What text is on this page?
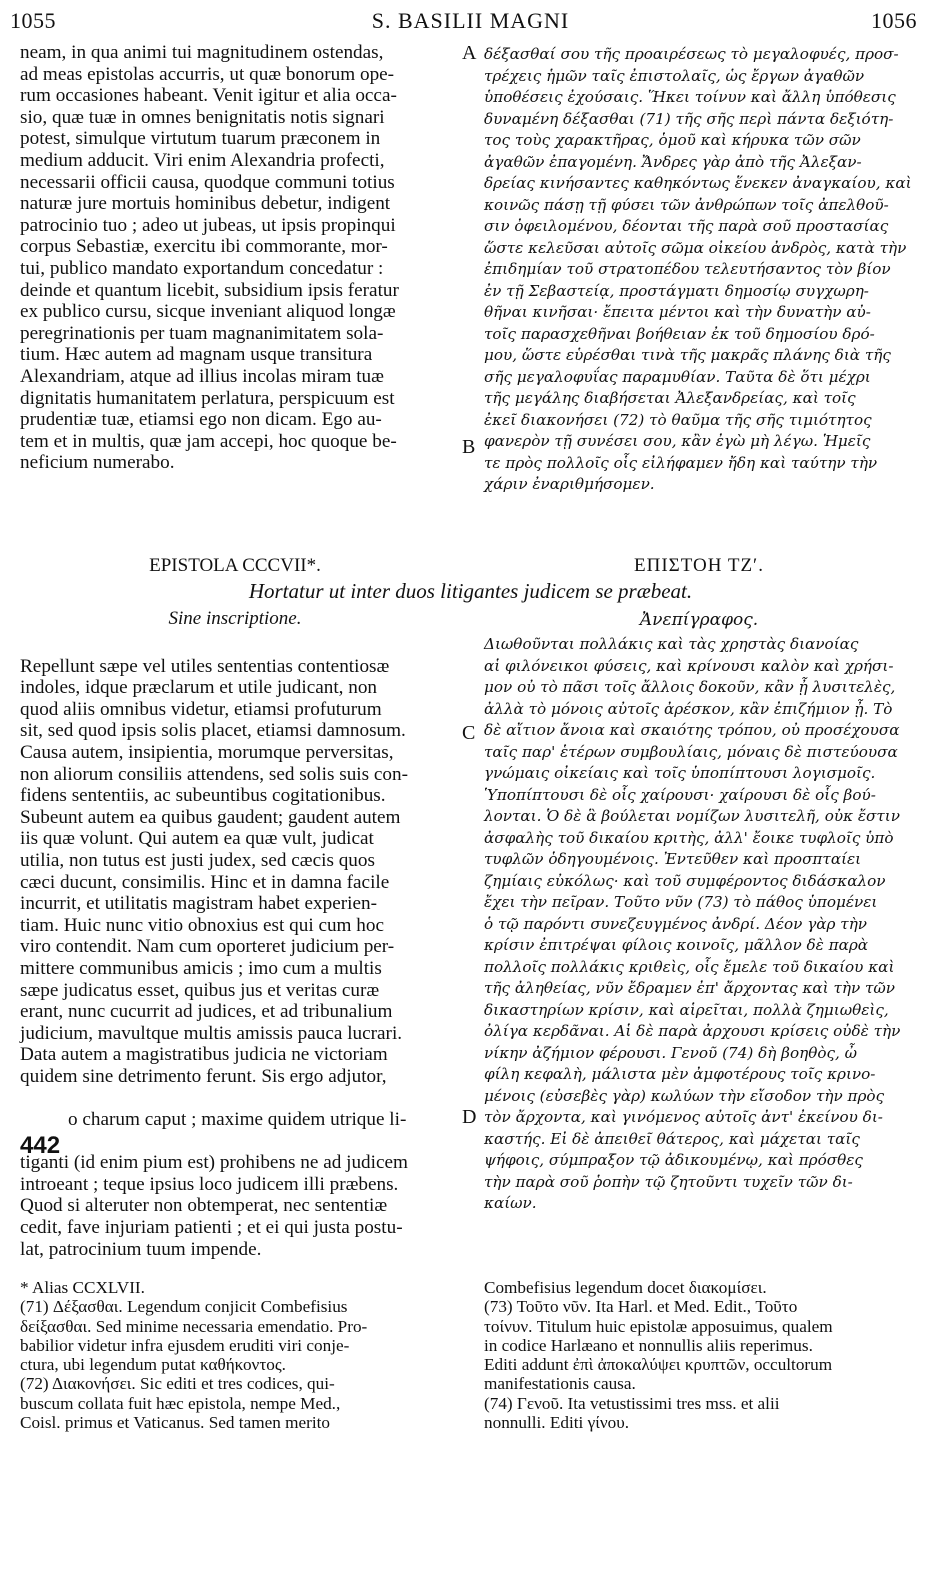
1055	S. BASILII MAGNI	1056
neam, in qua animi tui magnitudinem ostendas,
ad meas epistolas accurris, ut quæ bonorum ope-
rum occasiones habeant. Venit igitur et alia occa-
sio, quæ tuæ in omnes benignitatis notis signari
potest, simulque virtutum tuarum præconem in
medium adducit. Viri enim Alexandria profecti,
necessarii officii causa, quodque communi totius
naturæ jure mortuis hominibus debetur, indigent
patrocinio tuo ; adeo ut jubeas, ut ipsis propinqui
corpus Sebastiæ, exercitu ibi commorante, mor-
tui, publico mandato exportandum concedatur :
deinde et quantum licebit, subsidium ipsis feratur
ex publico cursu, sicque inveniant aliquod longæ
peregrinationis per tuam magnanimitatem sola-
tium. Hæc autem ad magnam usque transitura
Alexandriam, atque ad illius incolas miram tuæ
dignitatis humanitatem perlatura, perspicuum est
prudentiæ tuæ, etiamsi ego non dicam. Ego au-
tem et in multis, quæ jam accepi, hoc quoque be-
neficium numerabo.
δέξασθαί σου τῆς προαιρέσεως τὸ μεγαλοφυές, προσ-
τρέχεις ἡμῶν ταῖς ἐπιστολαῖς, ὡς ἔργων ἀγαθῶν
ὑποθέσεις ἐχούσαις. Ἥκει τοίνυν καὶ ἄλλη ὑπόθεσις
δυναμένη δέξασθαι (71) τῆς σῆς περὶ πάντα δεξιότη-
τος τοὺς χαρακτῆρας, ὁμοῦ καὶ κήρυκα τῶν σῶν
ἀγαθῶν ἐπαγομένη. Ἄνδρες γὰρ ἀπὸ τῆς Ἀλεξαν-
δρείας κινήσαντες καθηκόντως ἕνεκεν ἀναγκαίου, καὶ
κοινῶς πάσῃ τῇ φύσει τῶν ἀνθρώπων τοῖς ἀπελθοῦ-
σιν ὀφειλομένου, δέονται τῆς παρὰ σοῦ προστασίας
ὥστε κελεῦσαι αὐτοῖς σῶμα οἰκείου ἀνδρὸς, κατὰ τὴν
ἐπιδημίαν τοῦ στρατοπέδου τελευτήσαντος τὸν βίον
ἐν τῇ Σεβαστείᾳ, προστάγματι δημοσίῳ συγχωρη-
θῆναι κινῆσαι· ἔπειτα μέντοι καὶ τὴν δυνατὴν αὐ-
τοῖς παρασχεθῆναι βοήθειαν ἐκ τοῦ δημοσίου δρό-
μου, ὥστε εὑρέσθαι τινὰ τῆς μακρᾶς πλάνης διὰ τῆς
σῆς μεγαλοφυΐας παραμυθίαν. Ταῦτα δὲ ὅτι μέχρι
τῆς μεγάλης διαβήσεται Ἀλεξανδρείας, καὶ τοῖς
ἐκεῖ διακονήσει (72) τὸ θαῦμα τῆς σῆς τιμιότητος
φανερὸν τῇ συνέσει σου, κἂν ἐγὼ μὴ λέγω. Ἡμεῖς
τε πρὸς πολλοῖς οἷς εἰλήφαμεν ἤδη καὶ ταύτην τὴν
χάριν ἐναριθμήσομεν.
A
B
EPISTOLA CCCVII*.	ΕΠΙΣΤΟΗ ΤΖʹ.
Hortatur ut inter duos litigantes judicem se præbeat.
Sine inscriptione.	Ἀνεπίγραφος.

Repellunt sæpe vel utiles sententias contentiosæ
indoles, idque præclarum et utile judicant, non
quod aliis omnibus videtur, etiamsi profuturum
sit, sed quod ipsis solis placet, etiamsi damnosum.
Causa autem, insipientia, morumque perversitas,
non aliorum consiliis attendens, sed solis suis con-
fidens sententiis, ac subeuntibus cogitationibus.
Subeunt autem ea quibus gaudent; gaudent autem
iis quæ volunt. Qui autem ea quæ vult, judicat
utilia, non tutus est justi judex, sed cæcis quos
cæci ducunt, consimilis. Hinc et in damna facile
incurrit, et utilitatis magistram habet experien-
tiam. Huic nunc vitio obnoxius est qui cum hoc
viro contendit. Nam cum oporteret judicium per-
mittere communibus amicis ; imo cum a multis
sæpe judicatus esset, quibus jus et veritas curæ
erant, nunc cucurrit ad judices, et ad tribunalium
judicium, mavultque multis amissis pauca lucrari.
Data autem a magistratibus judicia ne victoriam
quidem sine detrimento ferunt. Sis ergo adjutor,

o charum caput ; maxime quidem utrique li-

tiganti (id enim pium est) prohibens ne ad judicem
introeant ; teque ipsius loco judicem illi præbens.
Quod si alteruter non obtemperat, nec sententiæ
cedit, fave injuriam patienti ; et ei qui justa postu-
lat, patrocinium tuum impende.

442
C
D
Διωθοῦνται πολλάκις καὶ τὰς χρηστὰς διανοίας
αἱ φιλόνεικοι φύσεις, καὶ κρίνουσι καλὸν καὶ χρήσι-
μον οὐ τὸ πᾶσι τοῖς ἄλλοις δοκοῦν, κἂν ᾖ λυσιτελὲς,
ἀλλὰ τὸ μόνοις αὐτοῖς ἀρέσκον, κἂν ἐπιζήμιον ᾖ. Τὸ
δὲ αἴτιον ἄνοια καὶ σκαιότης τρόπου, οὐ προσέχουσα
ταῖς παρ' ἑτέρων συμβουλίαις, μόναις δὲ πιστεύουσα
γνώμαις οἰκείαις καὶ τοῖς ὑποπίπτουσι λογισμοῖς.
Ὑποπίπτουσι δὲ οἷς χαίρουσι· χαίρουσι δὲ οἷς βού-
λονται. Ὁ δὲ ἃ βούλεται νομίζων λυσιτελῆ, οὐκ ἔστιν
ἀσφαλὴς τοῦ δικαίου κριτὴς, ἀλλ' ἔοικε τυφλοῖς ὑπὸ
τυφλῶν ὁδηγουμένοις. Ἐντεῦθεν καὶ προσπταίει
ζημίαις εὐκόλως· καὶ τοῦ συμφέροντος διδάσκαλον
ἔχει τὴν πεῖραν. Τοῦτο νῦν (73) τὸ πάθος ὑπομένει
ὁ τῷ παρόντι συνεζευγμένος ἀνδρί. Δέον γὰρ τὴν
κρίσιν ἐπιτρέψαι φίλοις κοινοῖς, μᾶλλον δὲ παρὰ
πολλοῖς πολλάκις κριθεὶς, οἷς ἔμελε τοῦ δικαίου καὶ
τῆς ἀληθείας, νῦν ἔδραμεν ἐπ' ἄρχοντας καὶ τὴν τῶν
δικαστηρίων κρίσιν, καὶ αἱρεῖται, πολλὰ ζημιωθεὶς,
ὀλίγα κερδᾶναι. Αἱ δὲ παρὰ ἀρχουσι κρίσεις οὐδὲ τὴν
νίκην ἀζήμιον φέρουσι. Γενοῦ (74) δὴ βοηθὸς, ὦ
φίλη κεφαλὴ, μάλιστα μὲν ἀμφοτέρους τοῖς κρινο-
μένοις (εὐσεβὲς γὰρ) κωλύων τὴν εἴσοδον τὴν πρὸς
τὸν ἄρχοντα, καὶ γινόμενος αὐτοῖς ἀντ' ἐκείνου δι-
καστής. Εἰ δὲ ἀπειθεῖ θάτερος, καὶ μάχεται ταῖς
ψήφοις, σύμπραξον τῷ ἀδικουμένῳ, καὶ πρόσθες
τὴν παρὰ σοῦ ῥοπὴν τῷ ζητοῦντι τυχεῖν τῶν δι-
καίων.
* Alias CCXLVII.
(71) Δέξασθαι. Legendum conjicit Combefisius
δείξασθαι. Sed minime necessaria emendatio. Pro-
babilior videtur infra ejusdem eruditi viri conje-
ctura, ubi legendum putat καθήκοντος.
(72) Διακονήσει. Sic editi et tres codices, qui-
buscum collata fuit hæc epistola, nempe Med.,
Coisl. primus et Vaticanus. Sed tamen merito
Combefisius legendum docet διακομίσει.
(73) Τοῦτο νῦν. Ita Harl. et Med. Edit., Τοῦτο
τοίνυν. Titulum huic epistolæ apposuimus, qualem
in codice Harlæano et nonnullis aliis reperimus.
Editi addunt ἐπὶ ἀποκαλύψει κρυπτῶν, occultorum
manifestationis causa.
(74) Γενοῦ. Ita vetustissimi tres mss. et alii
nonnulli. Editi γίνου.
